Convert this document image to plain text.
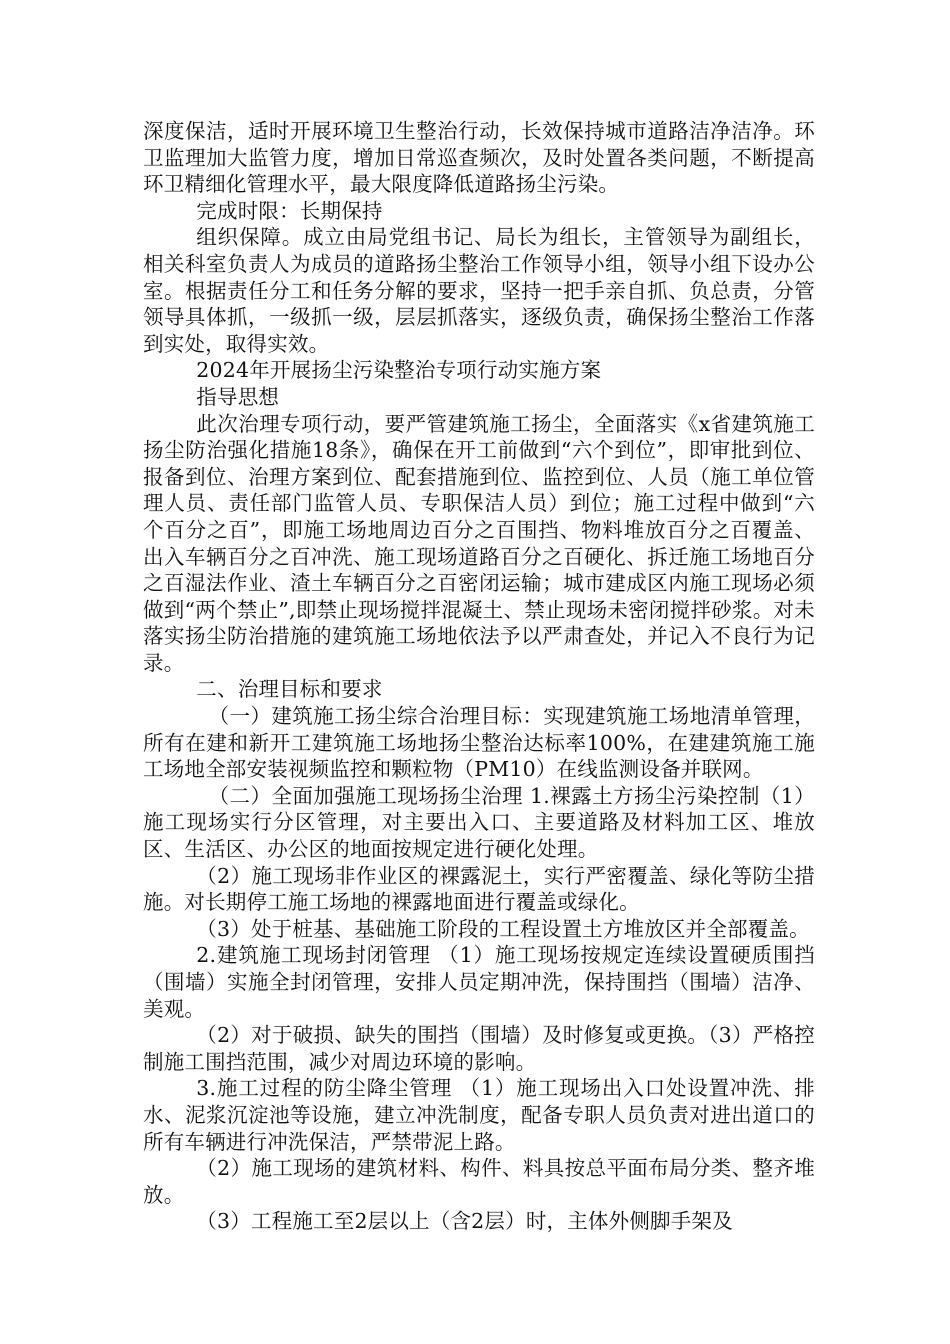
深度保洁，适时开展环境卫生整治行动，长效保持城市道路洁净洁净。环卫监理加大监管力度，增加日常巡查频次，及时处置各类问题，不断提高环卫精细化管理水平，最大限度降低道路扬尘污染。

完成时限：长期保持

组织保障。成立由局党组书记、局长为组长，主管领导为副组长，相关科室负责人为成员的道路扬尘整治工作领导小组，领导小组下设办公室。根据责任分工和任务分解的要求，坚持一把手亲自抓、负总责，分管领导具体抓，一级抓一级，层层抓落实，逐级负责，确保扬尘整治工作落到实处，取得实效。

2024年开展扬尘污染整治专项行动实施方案

指导思想

此次治理专项行动，要严管建筑施工扬尘，全面落实《x省建筑施工扬尘防治强化措施18条》，确保在开工前做到“六个到位”，即审批到位、报备到位、治理方案到位、配套措施到位、监控到位、人员（施工单位管理人员、责任部门监管人员、专职保洁人员）到位；施工过程中做到“六个百分之百”，即施工场地周边百分之百围挡、物料堆放百分之百覆盖、出入车辆百分之百冲洗、施工现场道路百分之百硬化、拆迁施工场地百分之百湿法作业、渣土车辆百分之百密闭运输；城市建成区内施工现场必须做到“两个禁止”,即禁止现场搅拌混凝土、禁止现场未密闭搅拌砂浆。对未落实扬尘防治措施的建筑施工场地依法予以严肃查处，并记入不良行为记录。

二、治理目标和要求

（一）建筑施工扬尘综合治理目标：实现建筑施工场地清单管理，所有在建和新开工建筑施工场地扬尘整治达标率100%，在建建筑施工施工场地全部安装视频监控和颗粒物（PM10）在线监测设备并联网。

（二）全面加强施工现场扬尘治理 1.裸露土方扬尘污染控制（1）施工现场实行分区管理，对主要出入口、主要道路及材料加工区、堆放区、生活区、办公区的地面按规定进行硬化处理。

（2）施工现场非作业区的裸露泥土，实行严密覆盖、绿化等防尘措施。对长期停工施工场地的裸露地面进行覆盖或绿化。

（3）处于桩基、基础施工阶段的工程设置土方堆放区并全部覆盖。

2.建筑施工现场封闭管理 （1）施工现场按规定连续设置硬质围挡（围墙）实施全封闭管理，安排人员定期冲洗，保持围挡（围墙）洁净、美观。

（2）对于破损、缺失的围挡（围墙）及时修复或更换。（3）严格控制施工围挡范围，减少对周边环境的影响。

3.施工过程的防尘降尘管理 （1）施工现场出入口处设置冲洗、排水、泥浆沉淀池等设施，建立冲洗制度，配备专职人员负责对进出道口的所有车辆进行冲洗保洁，严禁带泥上路。

（2）施工现场的建筑材料、构件、料具按总平面布局分类、整齐堆放。

（3）工程施工至2层以上（含2层）时，主体外侧脚手架及
